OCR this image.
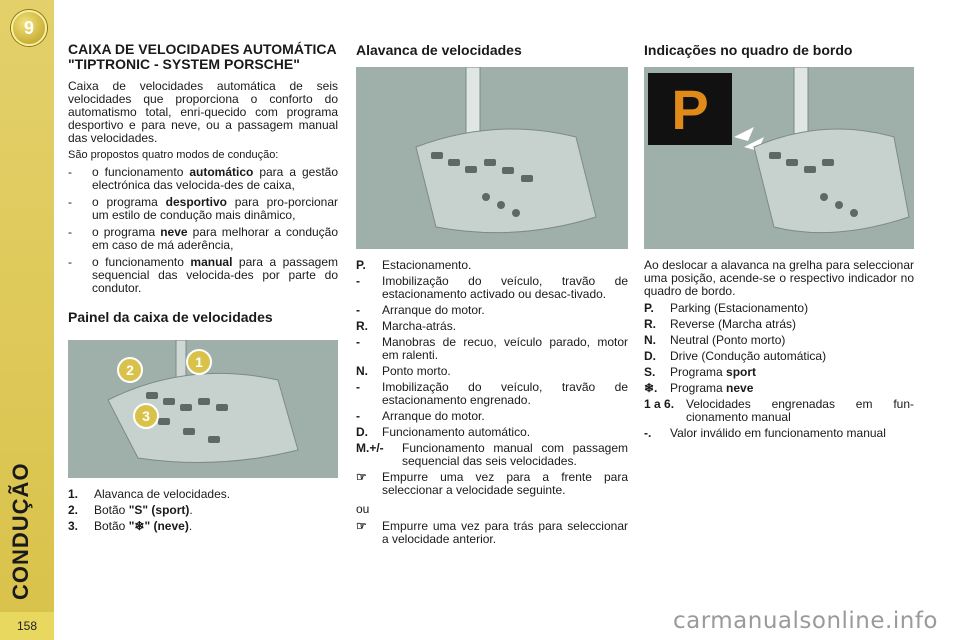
9
CONDUÇÃO
158
CAIXA DE VELOCIDADES AUTOMÁTICA "TIPTRONIC - SYSTEM PORSCHE"

Caixa de velocidades automática de seis velocidades que proporciona o conforto do automatismo total, enri-quecido com programa desportivo e para neve, ou a passagem manual das velocidades.

São propostos quatro modos de condução:

-	o funcionamento automático para a gestão electrónica das velocida-des de caixa,
-	o programa desportivo para pro-porcionar um estilo de condução mais dinâmico,
-	o programa neve para melhorar a condução em caso de má aderência,
-	o funcionamento manual para a passagem sequencial das velocida-des por parte do condutor.
Painel da caixa de velocidades
1
2
3
1.	Alavanca de velocidades.
2.	Botão "S" (sport).
3.	Botão "❄" (neve).
Alavanca de velocidades
P.	Estacionamento.
-	Imobilização do veículo, travão de estacionamento activado ou desac-tivado.
-	Arranque do motor.
R.	Marcha-atrás.
-	Manobras de recuo, veículo parado, motor em ralenti.
N.	Ponto morto.
-	Imobilização do veículo, travão de estacionamento engrenado.
-	Arranque do motor.
D.	Funcionamento automático.
M.+/-	Funcionamento manual com passagem sequencial das seis velocidades.
☞	Empurre uma vez para a frente para seleccionar a velocidade seguinte.

ou

☞	Empurre uma vez para trás para seleccionar a velocidade anterior.
Indicações no quadro de bordo
P

Ao deslocar a alavanca na grelha para seleccionar uma posição, acende-se o respectivo indicador no quadro de bordo.

P.	Parking (Estacionamento)
R.	Reverse (Marcha atrás)
N.	Neutral (Ponto morto)
D.	Drive (Condução automática)
S.	Programa sport
❄.	Programa neve
1 a 6. Velocidades engrenadas em fun-cionamento manual
-.	Valor inválido em funcionamento manual
carmanualsonline.info
